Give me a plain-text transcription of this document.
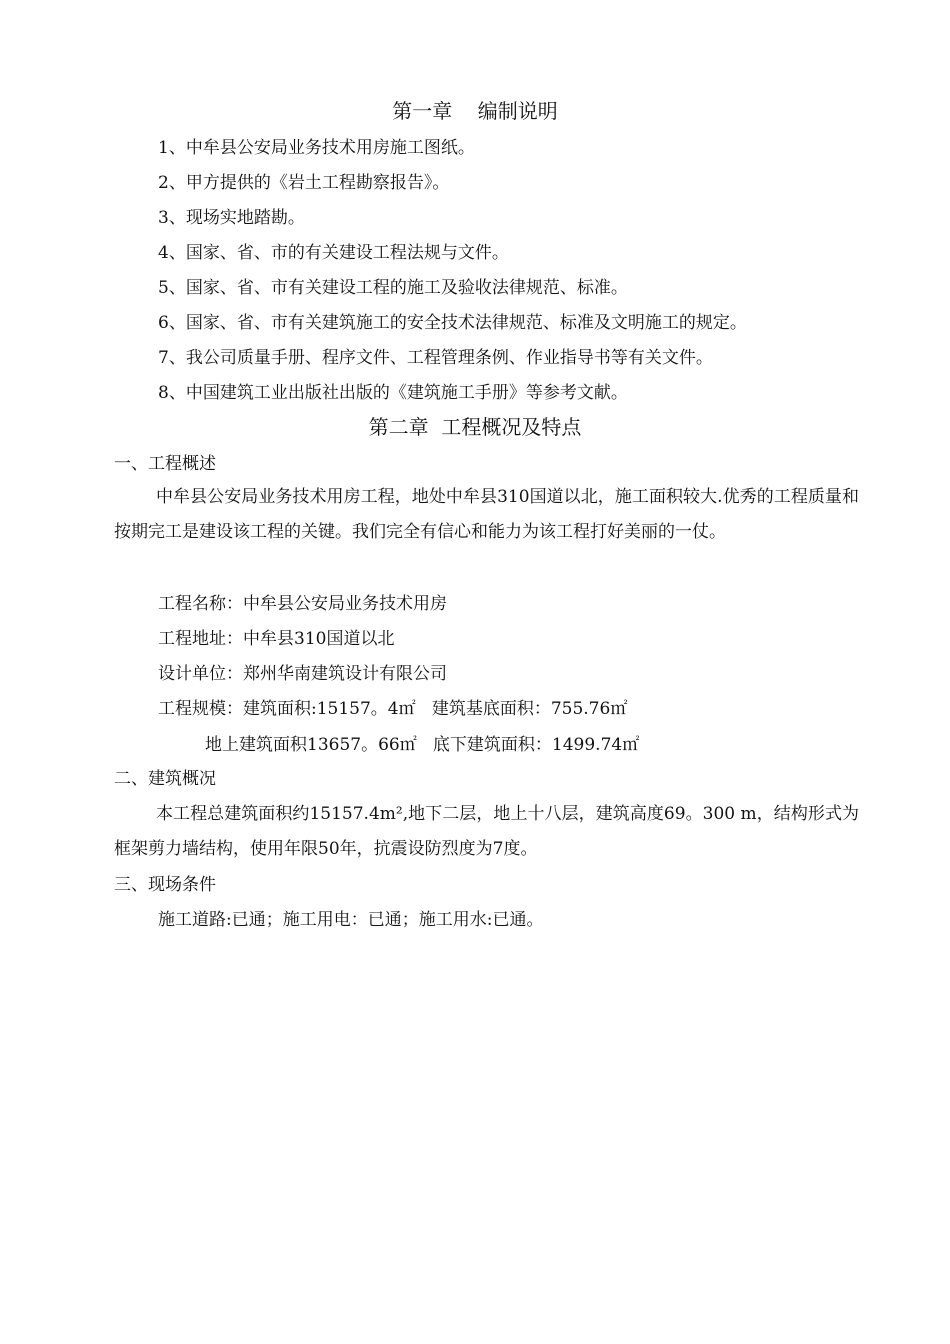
第一章    编制说明
1、中牟县公安局业务技术用房施工图纸。
2、甲方提供的《岩土工程勘察报告》。
3、现场实地踏勘。
4、国家、省、市的有关建设工程法规与文件。
5、国家、省、市有关建设工程的施工及验收法律规范、标准。
6、国家、省、市有关建筑施工的安全技术法律规范、标准及文明施工的规定。
7、我公司质量手册、程序文件、工程管理条例、作业指导书等有关文件。
8、中国建筑工业出版社出版的《建筑施工手册》等参考文献。
第二章  工程概况及特点
一、工程概述
中牟县公安局业务技术用房工程，地处中牟县310国道以北，施工面积较大.优秀的工程质量和按期完工是建设该工程的关键。我们完全有信心和能力为该工程打好美丽的一仗。
工程名称：中牟县公安局业务技术用房
工程地址：中牟县310国道以北
设计单位：郑州华南建筑设计有限公司
工程规模：建筑面积:15157。4㎡   建筑基底面积：755.76㎡
地上建筑面积13657。66㎡   底下建筑面积：1499.74㎡
二、建筑概况
本工程总建筑面积约15157.4m²,地下二层，地上十八层，建筑高度69。300 m，结构形式为框架剪力墙结构，使用年限50年，抗震设防烈度为7度。
三、现场条件
施工道路:已通；施工用电：已通；施工用水:已通。
